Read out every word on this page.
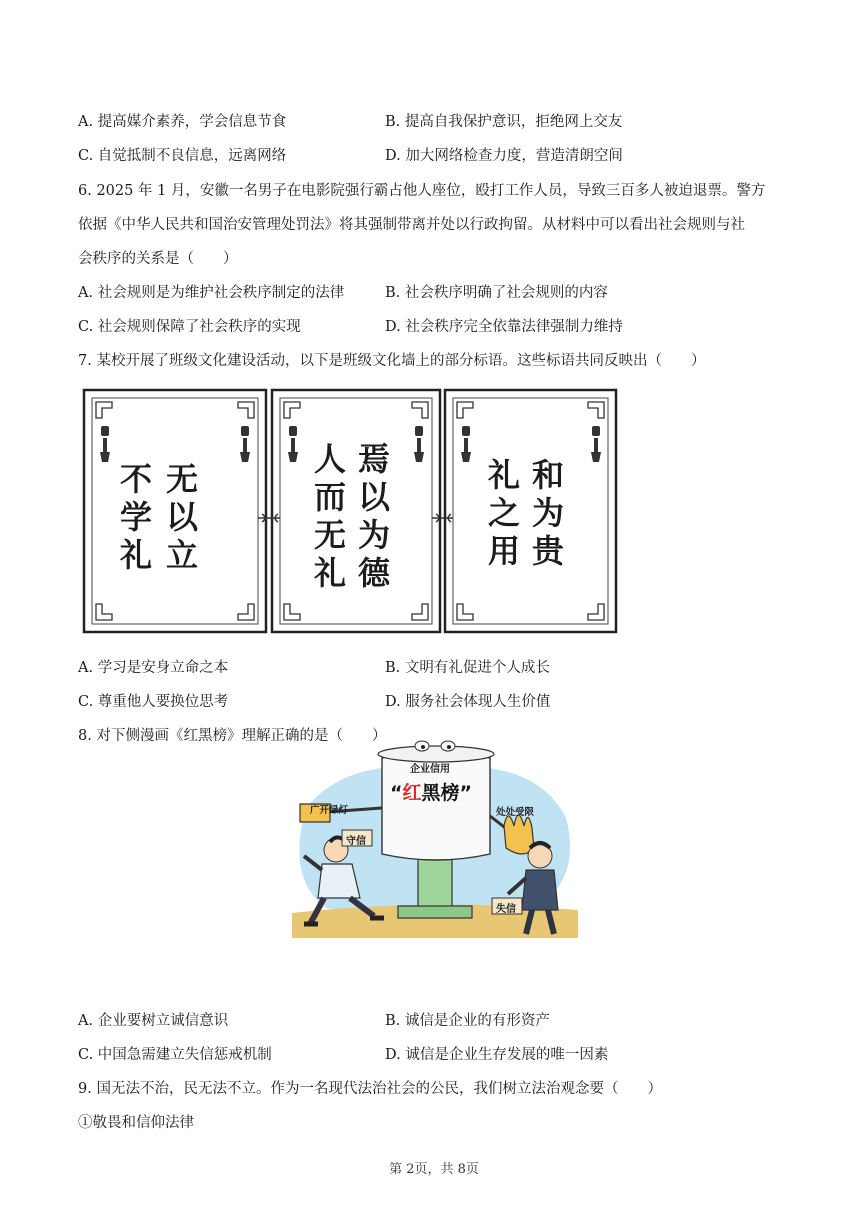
A. 提高媒介素养，学会信息节食	B. 提高自我保护意识，拒绝网上交友
C. 自觉抵制不良信息，远离网络	D. 加大网络检查力度，营造清朗空间
6. 2025 年 1 月，安徽一名男子在电影院强行霸占他人座位，殴打工作人员，导致三百多人被迫退票。警方
依据《中华人民共和国治安管理处罚法》将其强制带离并处以行政拘留。从材料中可以看出社会规则与社
会秩序的关系是（　　）
A. 社会规则是为维护社会秩序制定的法律	B. 社会秩序明确了社会规则的内容
C. 社会规则保障了社会秩序的实现	D. 社会秩序完全依靠法律强制力维持
7. 某校开展了班级文化建设活动，以下是班级文化墙上的部分标语。这些标语共同反映出（　　）
无
以
立
不
学
礼
焉
以
为
德
人
而
无
礼
和
为
贵
礼
之
用
A. 学习是安身立命之本	B. 文明有礼促进个人成长
C. 尊重他人要换位思考	D. 服务社会体现人生价值
8. 对下侧漫画《红黑榜》理解正确的是（　　）
企业信用
“红黑榜”
广开绿灯	处处受限
守信
失信
A. 企业要树立诚信意识	B. 诚信是企业的有形资产
C. 中国急需建立失信惩戒机制	D. 诚信是企业生存发展的唯一因素
9. 国无法不治，民无法不立。作为一名现代法治社会的公民，我们树立法治观念要（　　）
①敬畏和信仰法律
第 2页，共 8页
